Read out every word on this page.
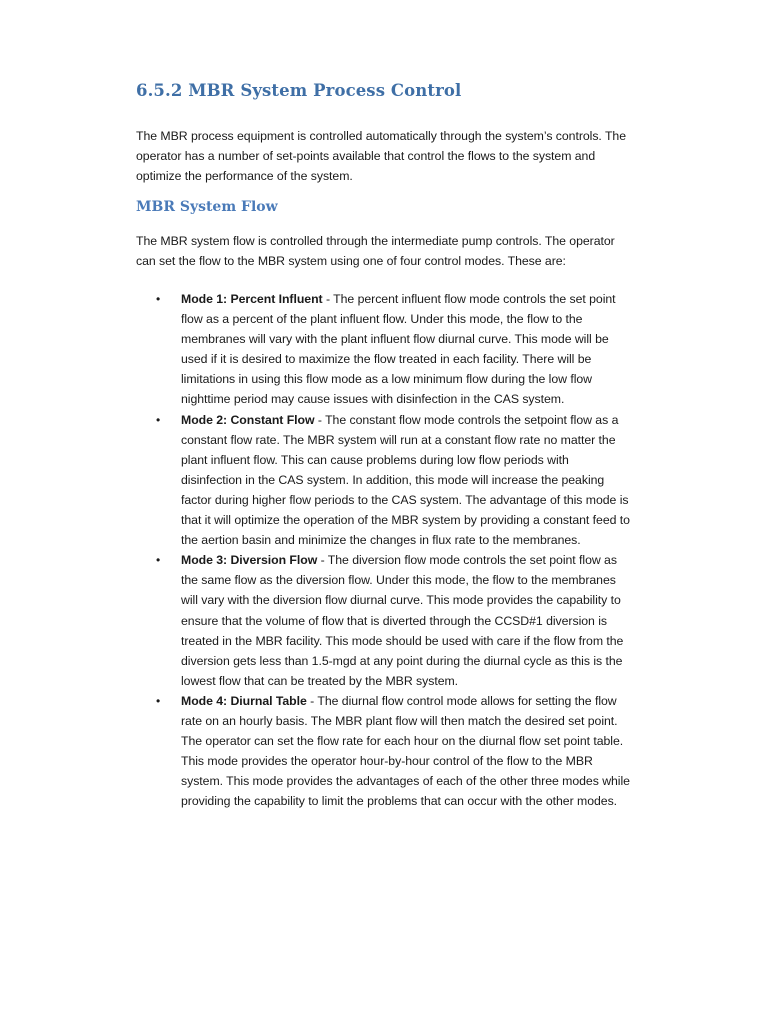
6.5.2 MBR System Process Control

The MBR process equipment is controlled automatically through the system’s controls. The operator has a number of set-points available that control the flows to the system and optimize the performance of the system.

MBR System Flow

The MBR system flow is controlled through the intermediate pump controls. The operator can set the flow to the MBR system using one of four control modes. These are:

• Mode 1: Percent Influent - The percent influent flow mode controls the set point flow as a percent of the plant influent flow. Under this mode, the flow to the membranes will vary with the plant influent flow diurnal curve. This mode will be used if it is desired to maximize the flow treated in each facility. There will be limitations in using this flow mode as a low minimum flow during the low flow nighttime period may cause issues with disinfection in the CAS system.
• Mode 2: Constant Flow - The constant flow mode controls the setpoint flow as a constant flow rate. The MBR system will run at a constant flow rate no matter the plant influent flow. This can cause problems during low flow periods with disinfection in the CAS system. In addition, this mode will increase the peaking factor during higher flow periods to the CAS system. The advantage of this mode is that it will optimize the operation of the MBR system by providing a constant feed to the aertion basin and minimize the changes in flux rate to the membranes.
• Mode 3: Diversion Flow - The diversion flow mode controls the set point flow as the same flow as the diversion flow. Under this mode, the flow to the membranes will vary with the diversion flow diurnal curve. This mode provides the capability to ensure that the volume of flow that is diverted through the CCSD#1 diversion is treated in the MBR facility. This mode should be used with care if the flow from the diversion gets less than 1.5-mgd at any point during the diurnal cycle as this is the lowest flow that can be treated by the MBR system.
• Mode 4: Diurnal Table - The diurnal flow control mode allows for setting the flow rate on an hourly basis. The MBR plant flow will then match the desired set point. The operator can set the flow rate for each hour on the diurnal flow set point table. This mode provides the operator hour-by-hour control of the flow to the MBR system. This mode provides the advantages of each of the other three modes while providing the capability to limit the problems that can occur with the other modes.
